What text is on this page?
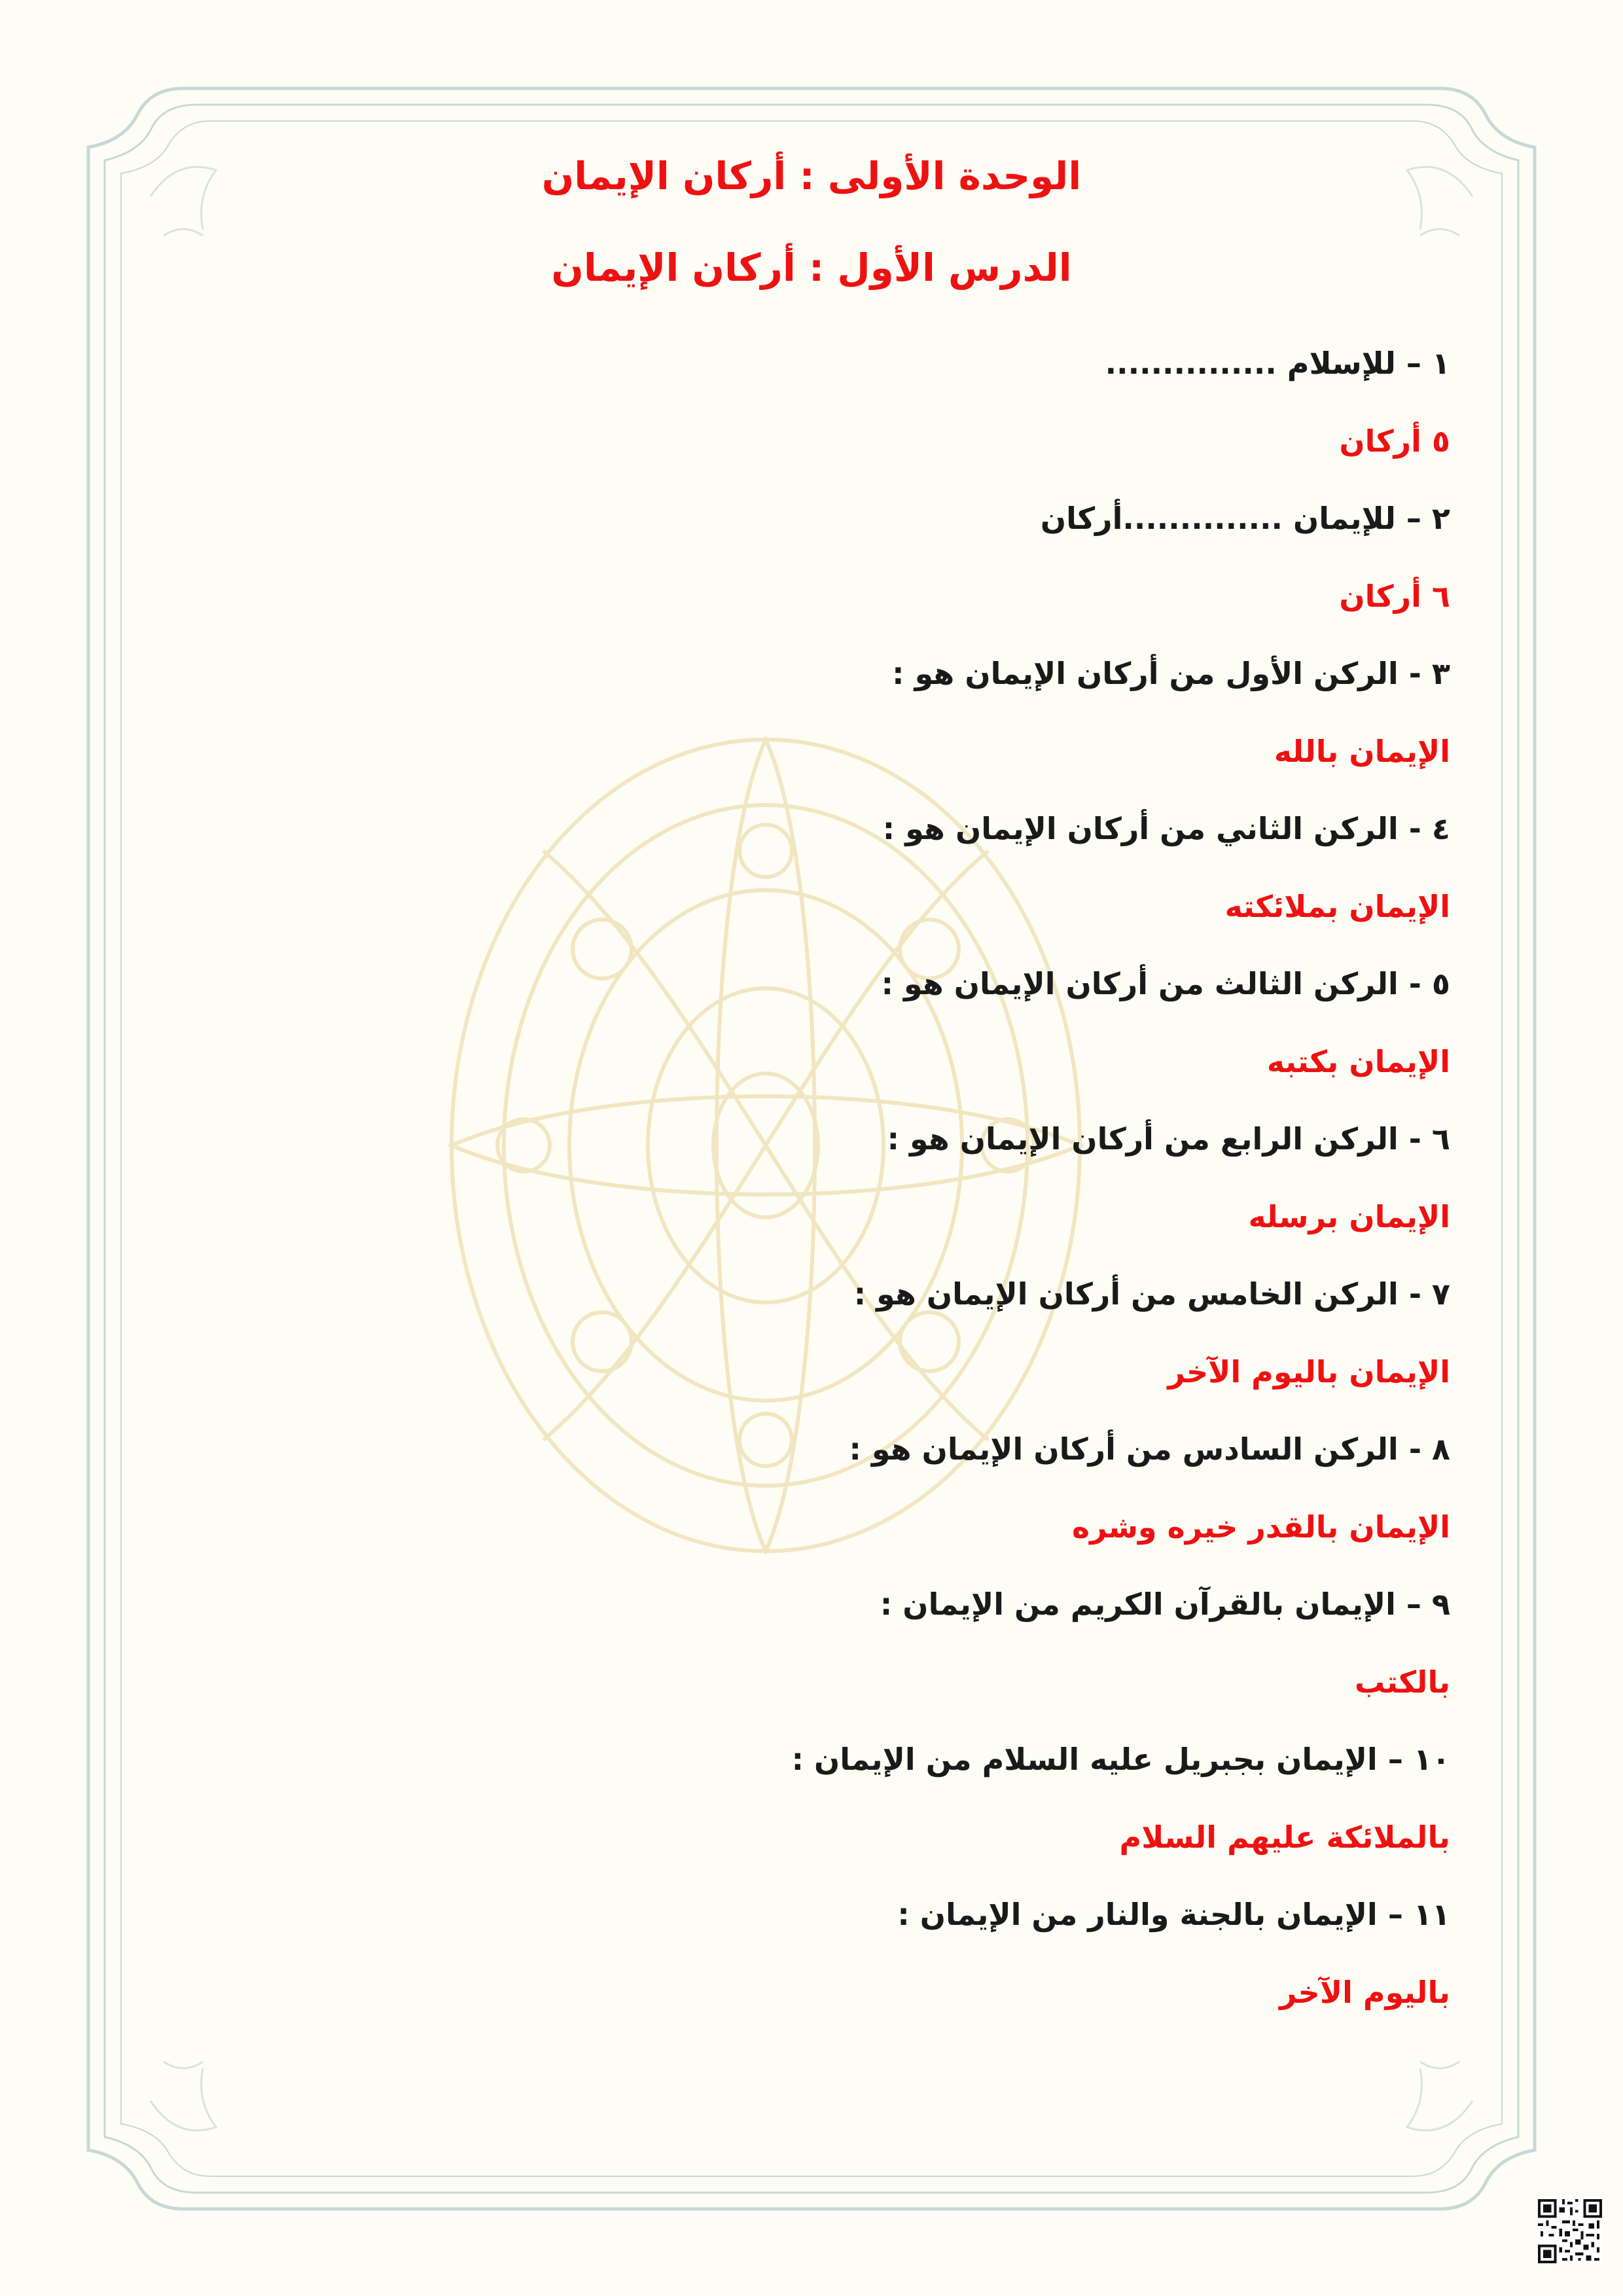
الوحدة الأولى : أركان الإيمان
الدرس الأول : أركان الإيمان
١ – للإسلام ...............
٥ أركان
٢ – للإيمان ..............أركان
٦ أركان
٣ - الركن الأول من أركان الإيمان هو :
الإيمان بالله
٤ - الركن الثاني من أركان الإيمان هو :
الإيمان بملائكته
٥ - الركن الثالث من أركان الإيمان هو :
الإيمان بكتبه
٦ - الركن الرابع من أركان الإيمان هو :
الإيمان برسله
٧ - الركن الخامس من أركان الإيمان هو :
الإيمان باليوم الآخر
٨ - الركن السادس من أركان الإيمان هو :
الإيمان بالقدر خيره وشره
٩ – الإيمان بالقرآن الكريم من الإيمان :
بالكتب
١٠ – الإيمان بجبريل عليه السلام من الإيمان :
بالملائكة عليهم السلام
١١ – الإيمان بالجنة والنار من الإيمان :
باليوم الآخر
